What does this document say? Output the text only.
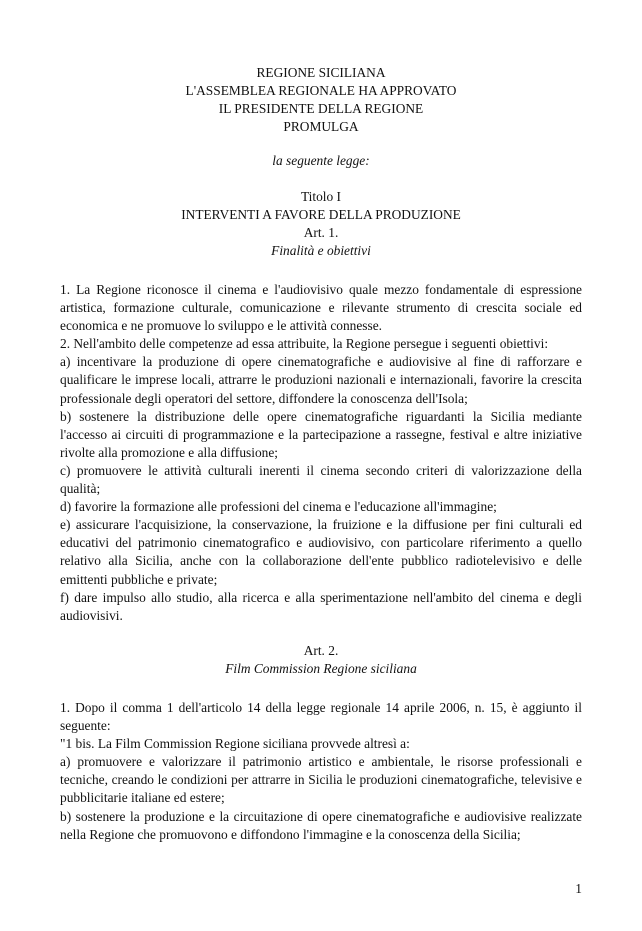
REGIONE SICILIANA
L'ASSEMBLEA REGIONALE HA APPROVATO
IL PRESIDENTE DELLA REGIONE
PROMULGA
la seguente legge:
Titolo I
INTERVENTI A FAVORE DELLA PRODUZIONE
Art. 1.
Finalità e obiettivi

1. La Regione riconosce il cinema e l'audiovisivo quale mezzo fondamentale di espressione artistica, formazione culturale, comunicazione e rilevante strumento di crescita sociale ed economica e ne promuove lo sviluppo e le attività connesse.

2. Nell'ambito delle competenze ad essa attribuite, la Regione persegue i seguenti obiettivi:

a) incentivare la produzione di opere cinematografiche e audiovisive al fine di rafforzare e qualificare le imprese locali, attrarre le produzioni nazionali e internazionali, favorire la crescita professionale degli operatori del settore, diffondere la conoscenza dell'Isola;

b) sostenere la distribuzione delle opere cinematografiche riguardanti la Sicilia mediante l'accesso ai circuiti di programmazione e la partecipazione a rassegne, festival e altre iniziative rivolte alla promozione e alla diffusione;

c) promuovere le attività culturali inerenti il cinema secondo criteri di valorizzazione della qualità;

d) favorire la formazione alle professioni del cinema e l'educazione all'immagine;

e) assicurare l'acquisizione, la conservazione, la fruizione e la diffusione per fini culturali ed educativi del patrimonio cinematografico e audiovisivo, con particolare riferimento a quello relativo alla Sicilia, anche con la collaborazione dell'ente pubblico radiotelevisivo e delle emittenti pubbliche e private;

f) dare impulso allo studio, alla ricerca e alla sperimentazione nell'ambito del cinema e degli audiovisivi.

Art. 2.
Film Commission Regione siciliana

1. Dopo il comma 1 dell'articolo 14 della legge regionale 14 aprile 2006, n. 15, è aggiunto il seguente:

"1 bis. La Film Commission Regione siciliana provvede altresì a:

a) promuovere e valorizzare il patrimonio artistico e ambientale, le risorse professionali e tecniche, creando le condizioni per attrarre in Sicilia le produzioni cinematografiche, televisive e pubblicitarie italiane ed estere;

b) sostenere la produzione e la circuitazione di opere cinematografiche e audiovisive realizzate nella Regione che promuovono e diffondono l'immagine e la conoscenza della Sicilia;

1
